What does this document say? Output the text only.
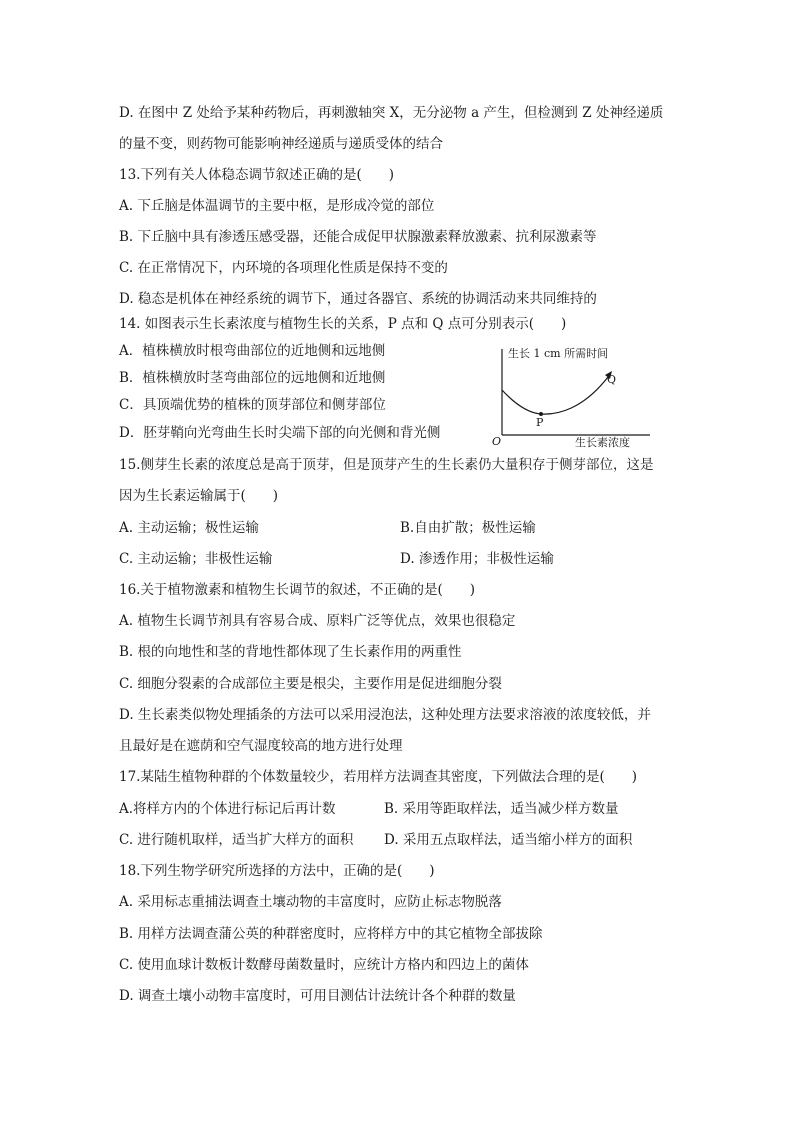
D. 在图中 Z 处给予某种药物后，再刺激轴突 X，无分泌物 a 产生，但检测到 Z 处神经递质
的量不变，则药物可能影响神经递质与递质受体的结合
13.下列有关人体稳态调节叙述正确的是(　　)
A. 下丘脑是体温调节的主要中枢，是形成冷觉的部位
B. 下丘脑中具有渗透压感受器，还能合成促甲状腺激素释放激素、抗利尿激素等
C. 在正常情况下，内环境的各项理化性质是保持不变的
D. 稳态是机体在神经系统的调节下，通过各器官、系统的协调活动来共同维持的
14. 如图表示生长素浓度与植物生长的关系，P 点和 Q 点可分别表示(　　)
A．植株横放时根弯曲部位的近地侧和远地侧
B．植株横放时茎弯曲部位的远地侧和近地侧
C．具顶端优势的植株的顶芽部位和侧芽部位
D．胚芽鞘向光弯曲生长时尖端下部的向光侧和背光侧
生长 1 cm 所需时间
Q
P
O	生长素浓度
15.侧芽生长素的浓度总是高于顶芽，但是顶芽产生的生长素仍大量积存于侧芽部位，这是
因为生长素运输属于(　　)
A. 主动运输；极性运输	B.自由扩散；极性运输
C. 主动运输；非极性运输	D. 渗透作用；非极性运输
16.关于植物激素和植物生长调节的叙述，不正确的是(　　)
A. 植物生长调节剂具有容易合成、原料广泛等优点，效果也很稳定
B. 根的向地性和茎的背地性都体现了生长素作用的两重性
C. 细胞分裂素的合成部位主要是根尖，主要作用是促进细胞分裂
D. 生长素类似物处理插条的方法可以采用浸泡法，这种处理方法要求溶液的浓度较低，并
且最好是在遮荫和空气湿度较高的地方进行处理
17.某陆生植物种群的个体数量较少，若用样方法调查其密度，下列做法合理的是(　　)
A.将样方内的个体进行标记后再计数	B. 采用等距取样法，适当减少样方数量
C. 进行随机取样，适当扩大样方的面积 D. 采用五点取样法，适当缩小样方的面积
18.下列生物学研究所选择的方法中，正确的是(　　)
A. 采用标志重捕法调查土壤动物的丰富度时，应防止标志物脱落
B. 用样方法调查蒲公英的种群密度时，应将样方中的其它植物全部拔除
C. 使用血球计数板计数酵母菌数量时，应统计方格内和四边上的菌体
D. 调查土壤小动物丰富度时，可用目测估计法统计各个种群的数量
